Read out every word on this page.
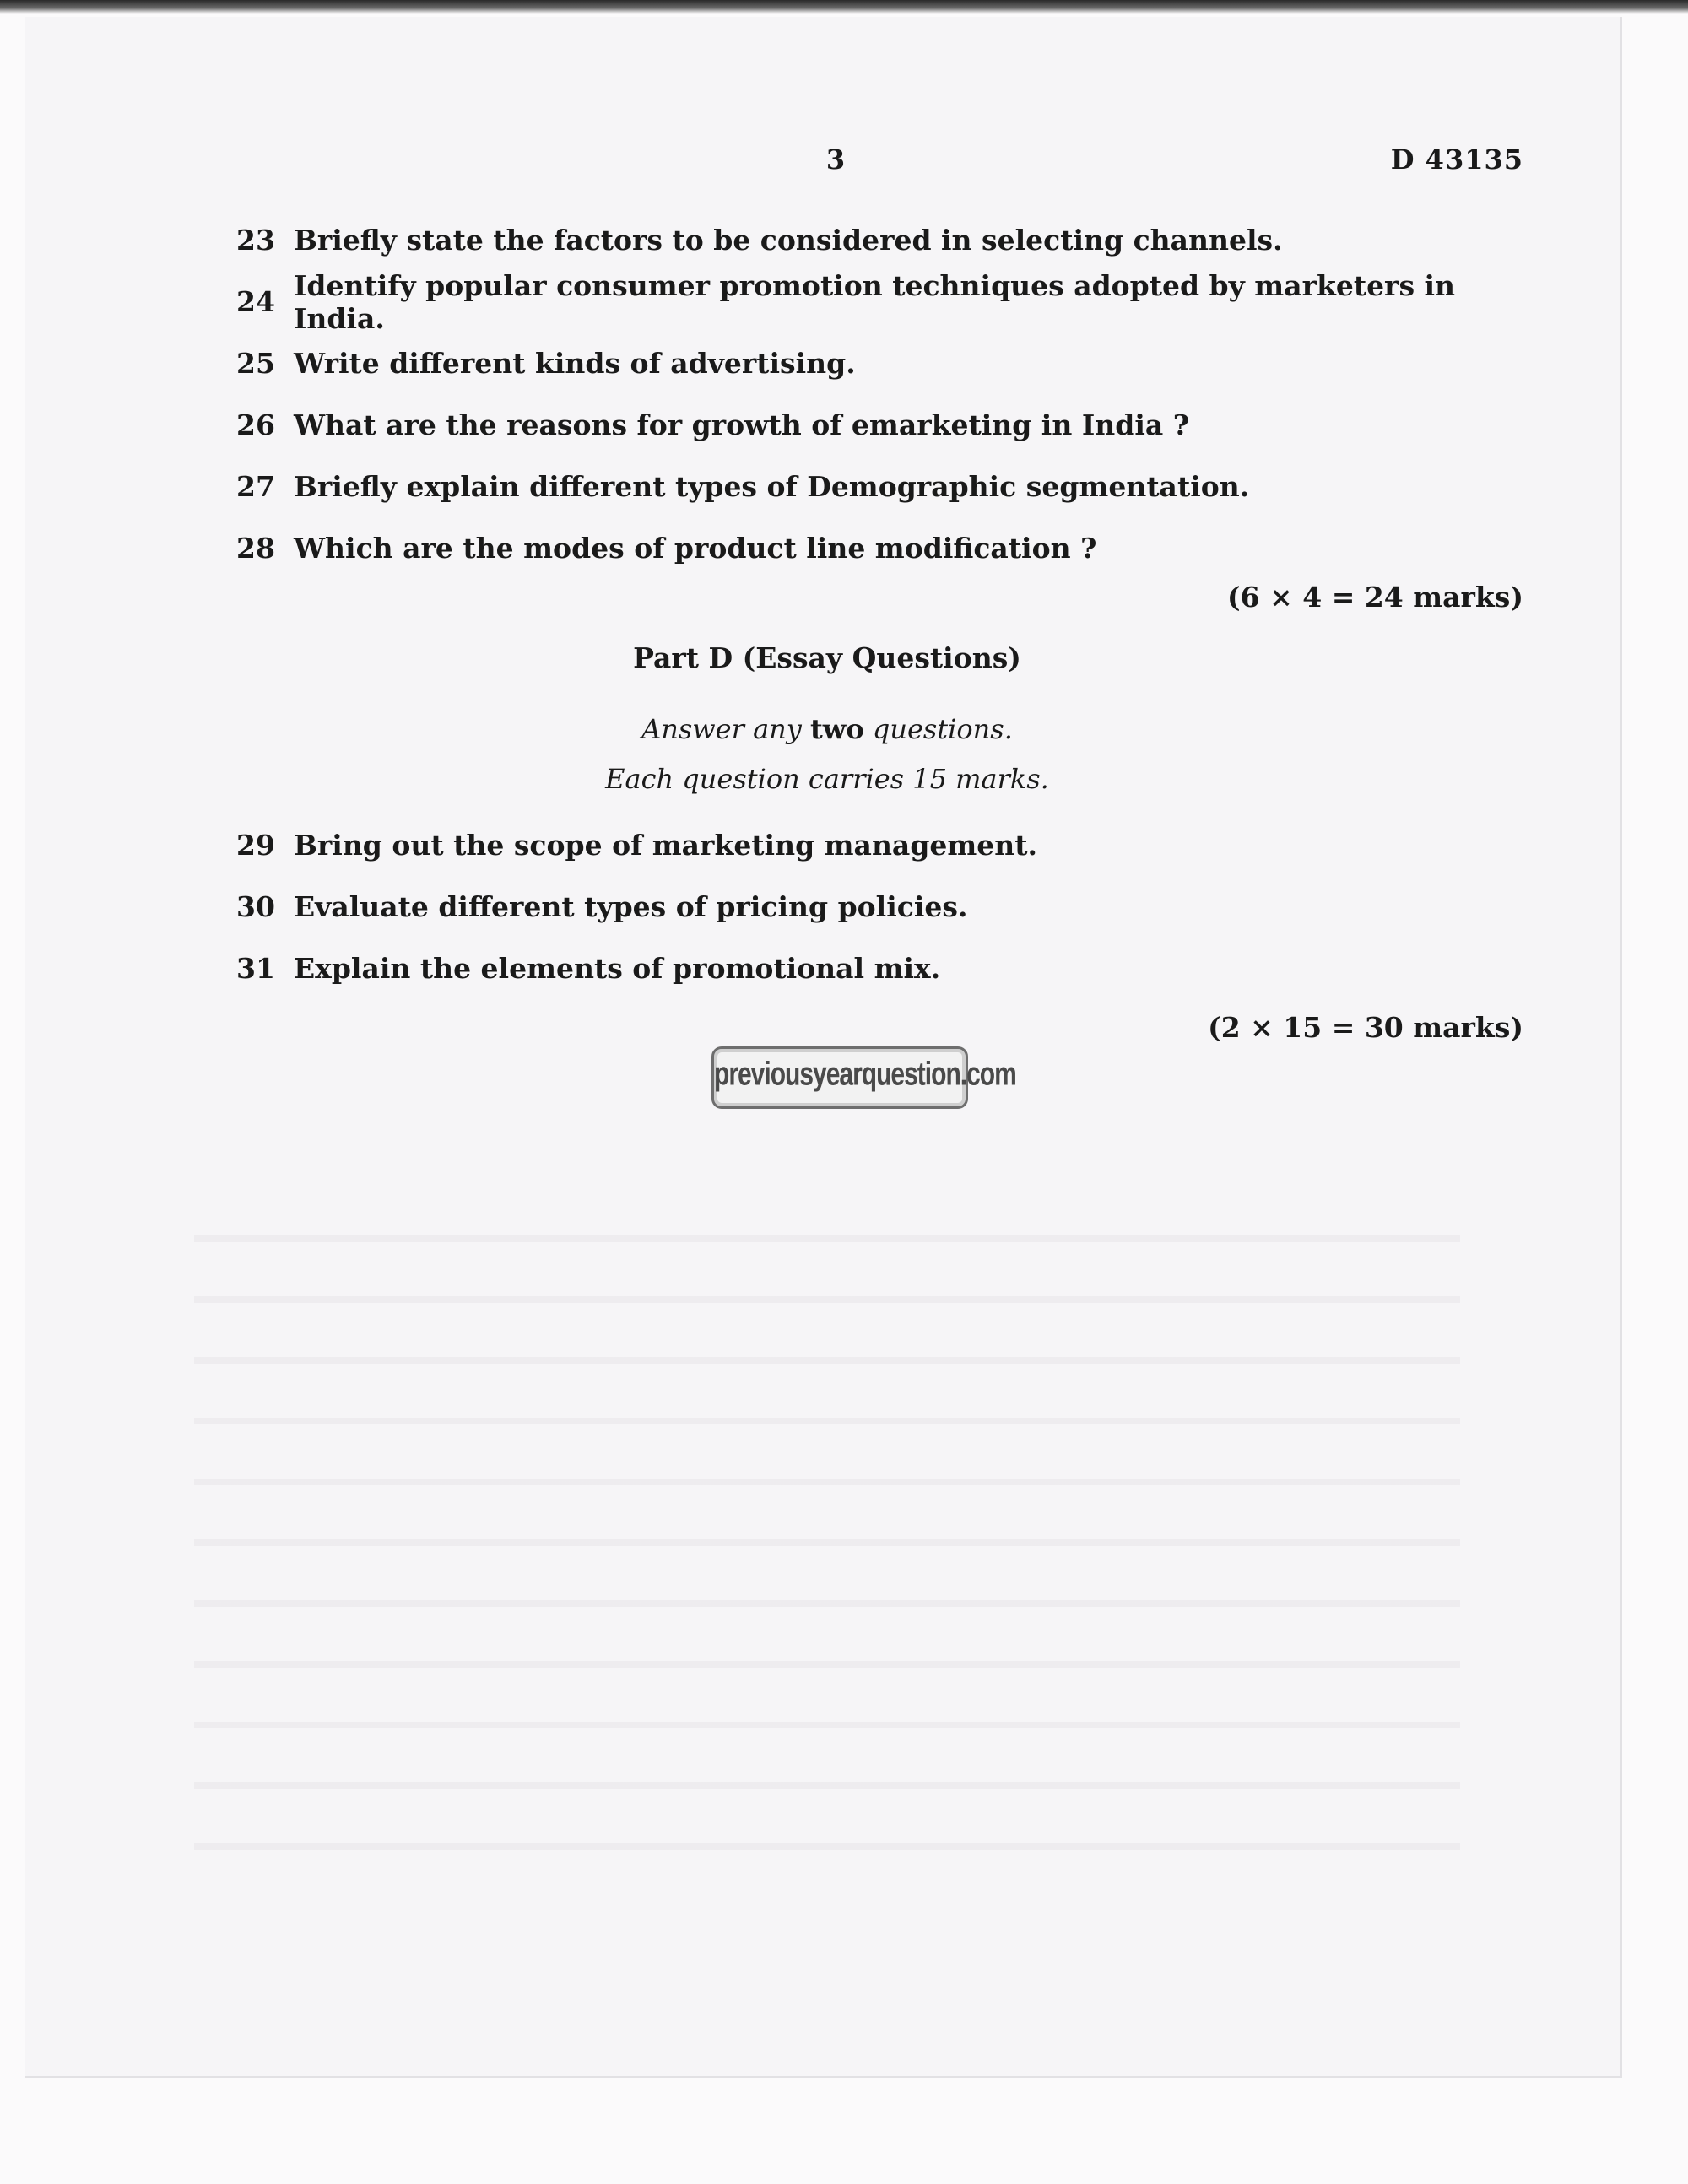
3	D 43135
23 Briefly state the factors to be considered in selecting channels.
24 Identify popular consumer promotion techniques adopted by marketers in India.
25 Write different kinds of advertising.
26 What are the reasons for growth of emarketing in India ?
27 Briefly explain different types of Demographic segmentation.
28 Which are the modes of product line modification ?
(6 × 4 = 24 marks)
Part D (Essay Questions)
Answer any two questions.
Each question carries 15 marks.
29 Bring out the scope of marketing management.
30 Evaluate different types of pricing policies.
31 Explain the elements of promotional mix.
(2 × 15 = 30 marks)
previousyearquestion.com
